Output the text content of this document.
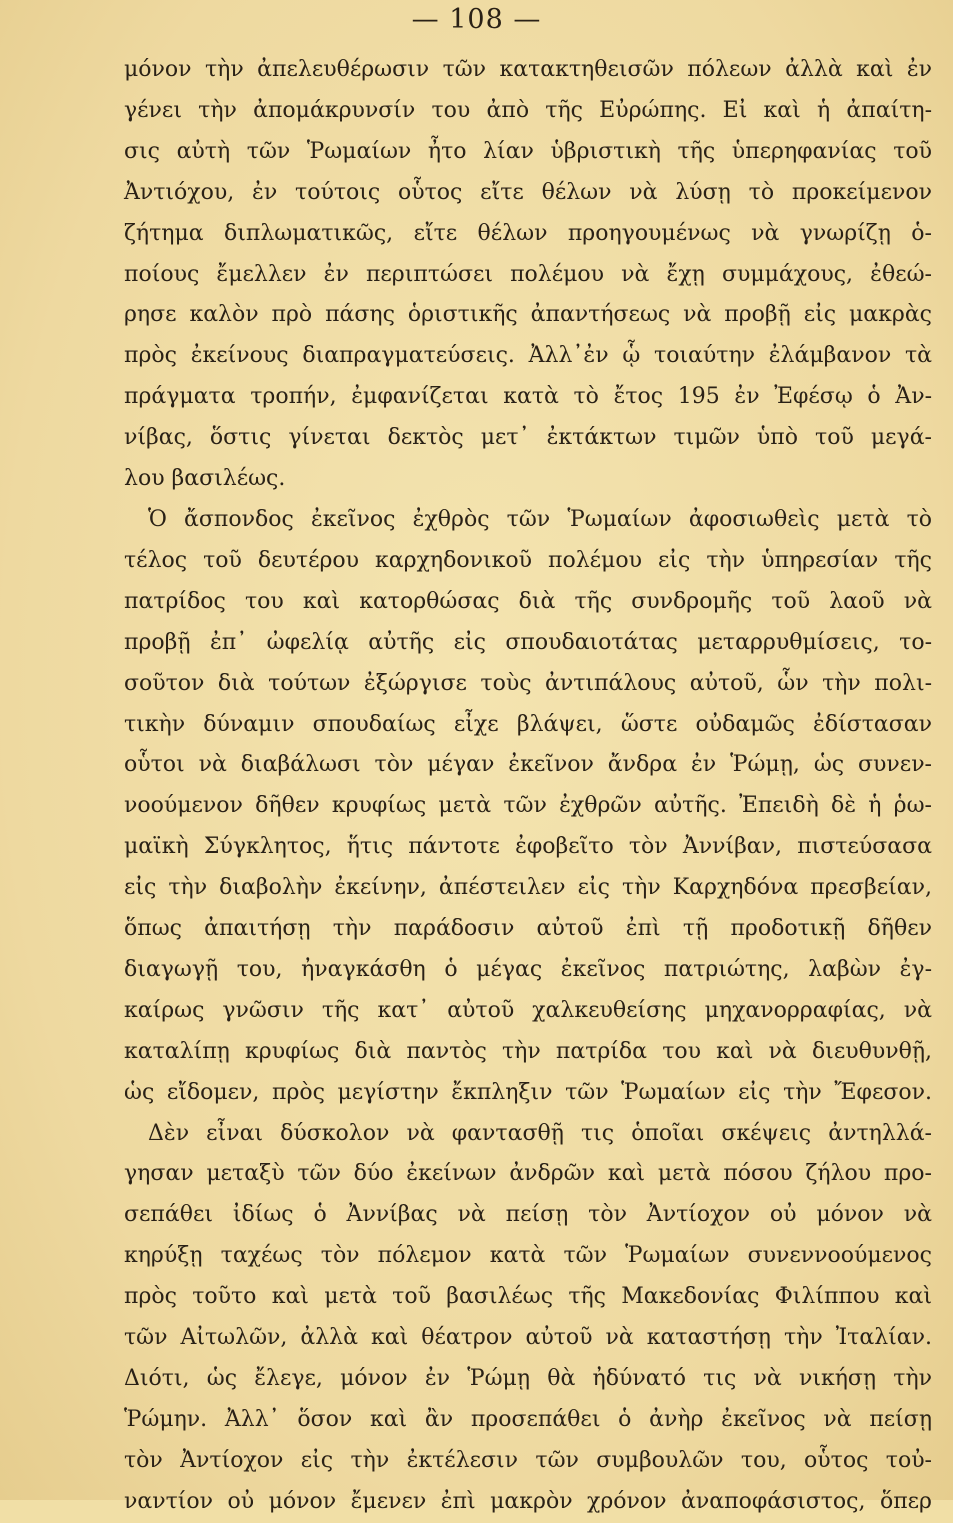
— 108 —
μόνον τὴν ἀπελευθέρωσιν τῶν κατακτηθεισῶν πόλεων ἀλλὰ καὶ ἐν
γένει τὴν ἀπομάκρυνσίν του ἀπὸ τῆς Εὐρώπης. Εἰ καὶ ἡ ἀπαίτη-
σις αὐτὴ τῶν Ῥωμαίων ἦτο λίαν ὑβριστικὴ τῆς ὑπερηφανίας τοῦ
Ἀντιόχου, ἐν τούτοις οὗτος εἴτε θέλων νὰ λύσῃ τὸ προκείμενον
ζήτημα διπλωματικῶς, εἴτε θέλων προηγουμένως νὰ γνωρίζῃ ὁ-
ποίους ἔμελλεν ἐν περιπτώσει πολέμου νὰ ἔχῃ συμμάχους, ἐθεώ-
ρησε καλὸν πρὸ πάσης ὁριστικῆς ἀπαντήσεως νὰ προβῇ εἰς μακρὰς
πρὸς ἐκείνους διαπραγματεύσεις. Ἀλλ᾽ἐν ᾧ τοιαύτην ἐλάμβανον τὰ
πράγματα τροπήν, ἐμφανίζεται κατὰ τὸ ἔτος 195 ἐν Ἐφέσῳ ὁ Ἀν-
νίβας, ὅστις γίνεται δεκτὸς μετ᾽ ἐκτάκτων τιμῶν ὑπὸ τοῦ μεγά-
λου βασιλέως.
Ὁ ἄσπονδος ἐκεῖνος ἐχθρὸς τῶν Ῥωμαίων ἀφοσιωθεὶς μετὰ τὸ
τέλος τοῦ δευτέρου καρχηδονικοῦ πολέμου εἰς τὴν ὑπηρεσίαν τῆς
πατρίδος του καὶ κατορθώσας διὰ τῆς συνδρομῆς τοῦ λαοῦ νὰ
προβῇ ἐπ᾽ ὠφελίᾳ αὐτῆς εἰς σπουδαιοτάτας μεταρρυθμίσεις, το-
σοῦτον διὰ τούτων ἐξώργισε τοὺς ἀντιπάλους αὐτοῦ, ὧν τὴν πολι-
τικὴν δύναμιν σπουδαίως εἶχε βλάψει, ὥστε οὐδαμῶς ἐδίστασαν
οὗτοι νὰ διαβάλωσι τὸν μέγαν ἐκεῖνον ἄνδρα ἐν Ῥώμῃ, ὡς συνεν-
νοούμενον δῆθεν κρυφίως μετὰ τῶν ἐχθρῶν αὐτῆς. Ἐπειδὴ δὲ ἡ ῥω-
μαϊκὴ Σύγκλητος, ἥτις πάντοτε ἐφοβεῖτο τὸν Ἀννίβαν, πιστεύσασα
εἰς τὴν διαβολὴν ἐκείνην, ἀπέστειλεν εἰς τὴν Καρχηδόνα πρεσβείαν,
ὅπως ἀπαιτήσῃ τὴν παράδοσιν αὐτοῦ ἐπὶ τῇ προδοτικῇ δῆθεν
διαγωγῇ του, ἠναγκάσθη ὁ μέγας ἐκεῖνος πατριώτης, λαβὼν ἐγ-
καίρως γνῶσιν τῆς κατ᾽ αὐτοῦ χαλκευθείσης μηχανορραφίας, νὰ
καταλίπῃ κρυφίως διὰ παντὸς τὴν πατρίδα του καὶ νὰ διευθυνθῇ,
ὡς εἴδομεν, πρὸς μεγίστην ἔκπληξιν τῶν Ῥωμαίων εἰς τὴν Ἔφεσον.
Δὲν εἶναι δύσκολον νὰ φαντασθῇ τις ὁποῖαι σκέψεις ἀντηλλά-
γησαν μεταξὺ τῶν δύο ἐκείνων ἀνδρῶν καὶ μετὰ πόσου ζήλου προ-
σεπάθει ἰδίως ὁ Ἀννίβας νὰ πείσῃ τὸν Ἀντίοχον οὐ μόνον νὰ
κηρύξῃ ταχέως τὸν πόλεμον κατὰ τῶν Ῥωμαίων συνεννοούμενος
πρὸς τοῦτο καὶ μετὰ τοῦ βασιλέως τῆς Μακεδονίας Φιλίππου καὶ
τῶν Αἰτωλῶν, ἀλλὰ καὶ θέατρον αὐτοῦ νὰ καταστήσῃ τὴν Ἰταλίαν.
Διότι, ὡς ἔλεγε, μόνον ἐν Ῥώμῃ θὰ ἠδύνατό τις νὰ νικήσῃ τὴν
Ῥώμην. Ἀλλ᾽ ὅσον καὶ ἂν προσεπάθει ὁ ἀνὴρ ἐκεῖνος νὰ πείσῃ
τὸν Ἀντίοχον εἰς τὴν ἐκτέλεσιν τῶν συμβουλῶν του, οὗτος τοὐ-
ναντίον οὐ μόνον ἔμενεν ἐπὶ μακρὸν χρόνον ἀναποφάσιστος, ὅπερ
